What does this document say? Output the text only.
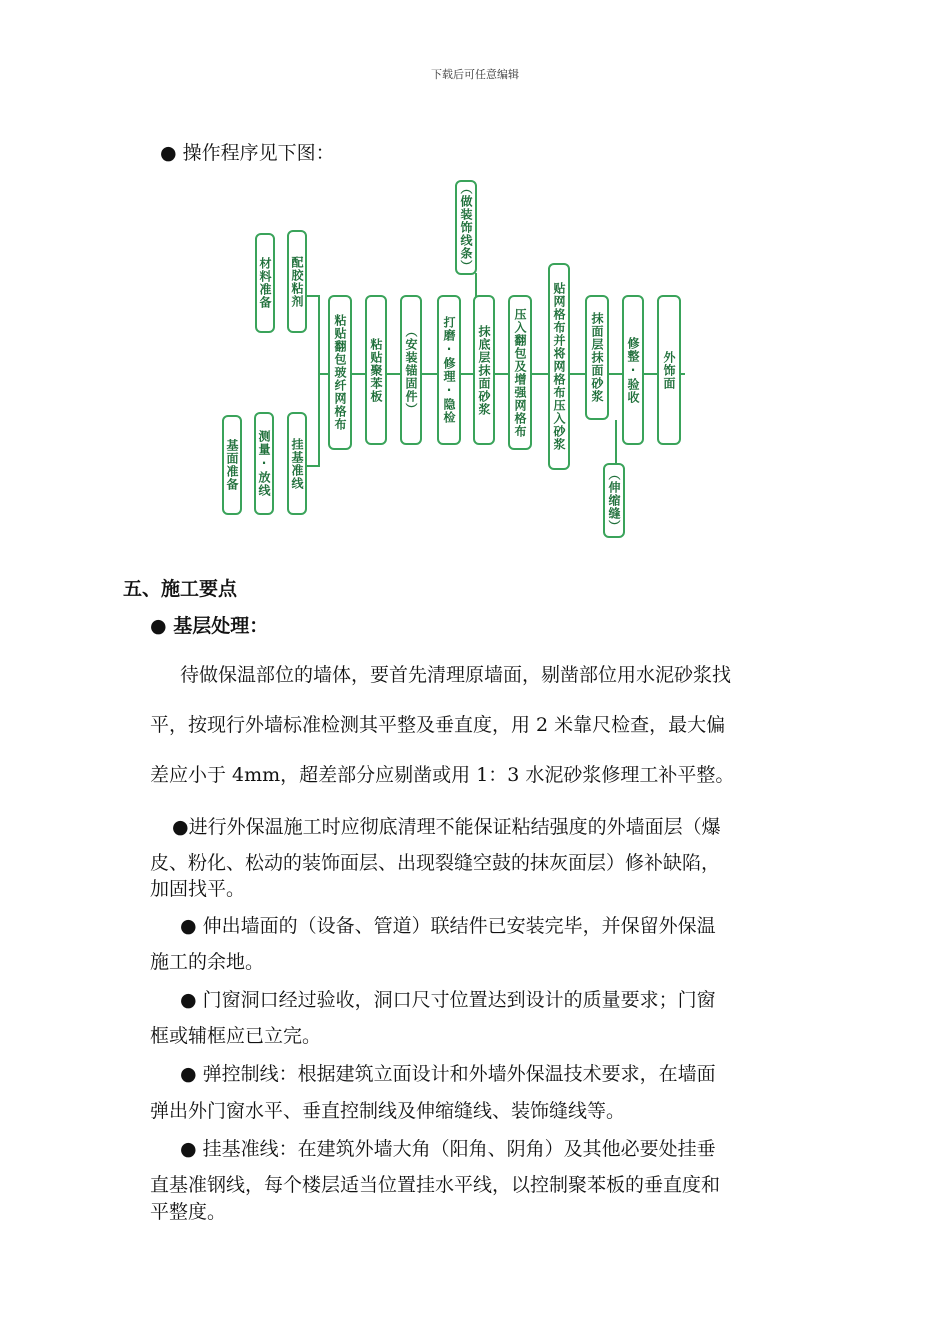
下载后可任意编辑
● 操作程序见下图：
材料准备 配胶粘剂
基面准备 测量·放线 挂基准线
粘贴翻包玻纤网格布 粘贴聚苯板 （安装锚固件） 打磨·修理·隐检
（做装饰线条）
抹底层抹面砂浆 压入翻包及增强网格布 贴网格布并将网格布压入砂浆 抹面层抹面砂浆
（伸缩缝）
修整·验收 外饰面
五、施工要点
● 基层处理：
待做保温部位的墙体，要首先清理原墙面，剔凿部位用水泥砂浆找
平，按现行外墙标准检测其平整及垂直度，用 2 米靠尺检查，最大偏
差应小于 4mm，超差部分应剔凿或用 1：3 水泥砂浆修理工补平整。
●进行外保温施工时应彻底清理不能保证粘结强度的外墙面层（爆
皮、粉化、松动的装饰面层、出现裂缝空鼓的抹灰面层）修补缺陷，
加固找平。
● 伸出墙面的（设备、管道）联结件已安装完毕，并保留外保温
施工的余地。
● 门窗洞口经过验收，洞口尺寸位置达到设计的质量要求；门窗
框或辅框应已立完。
● 弹控制线：根据建筑立面设计和外墙外保温技术要求，在墙面
弹出外门窗水平、垂直控制线及伸缩缝线、装饰缝线等。
● 挂基准线：在建筑外墙大角（阳角、阴角）及其他必要处挂垂
直基准钢线，每个楼层适当位置挂水平线，以控制聚苯板的垂直度和
平整度。
